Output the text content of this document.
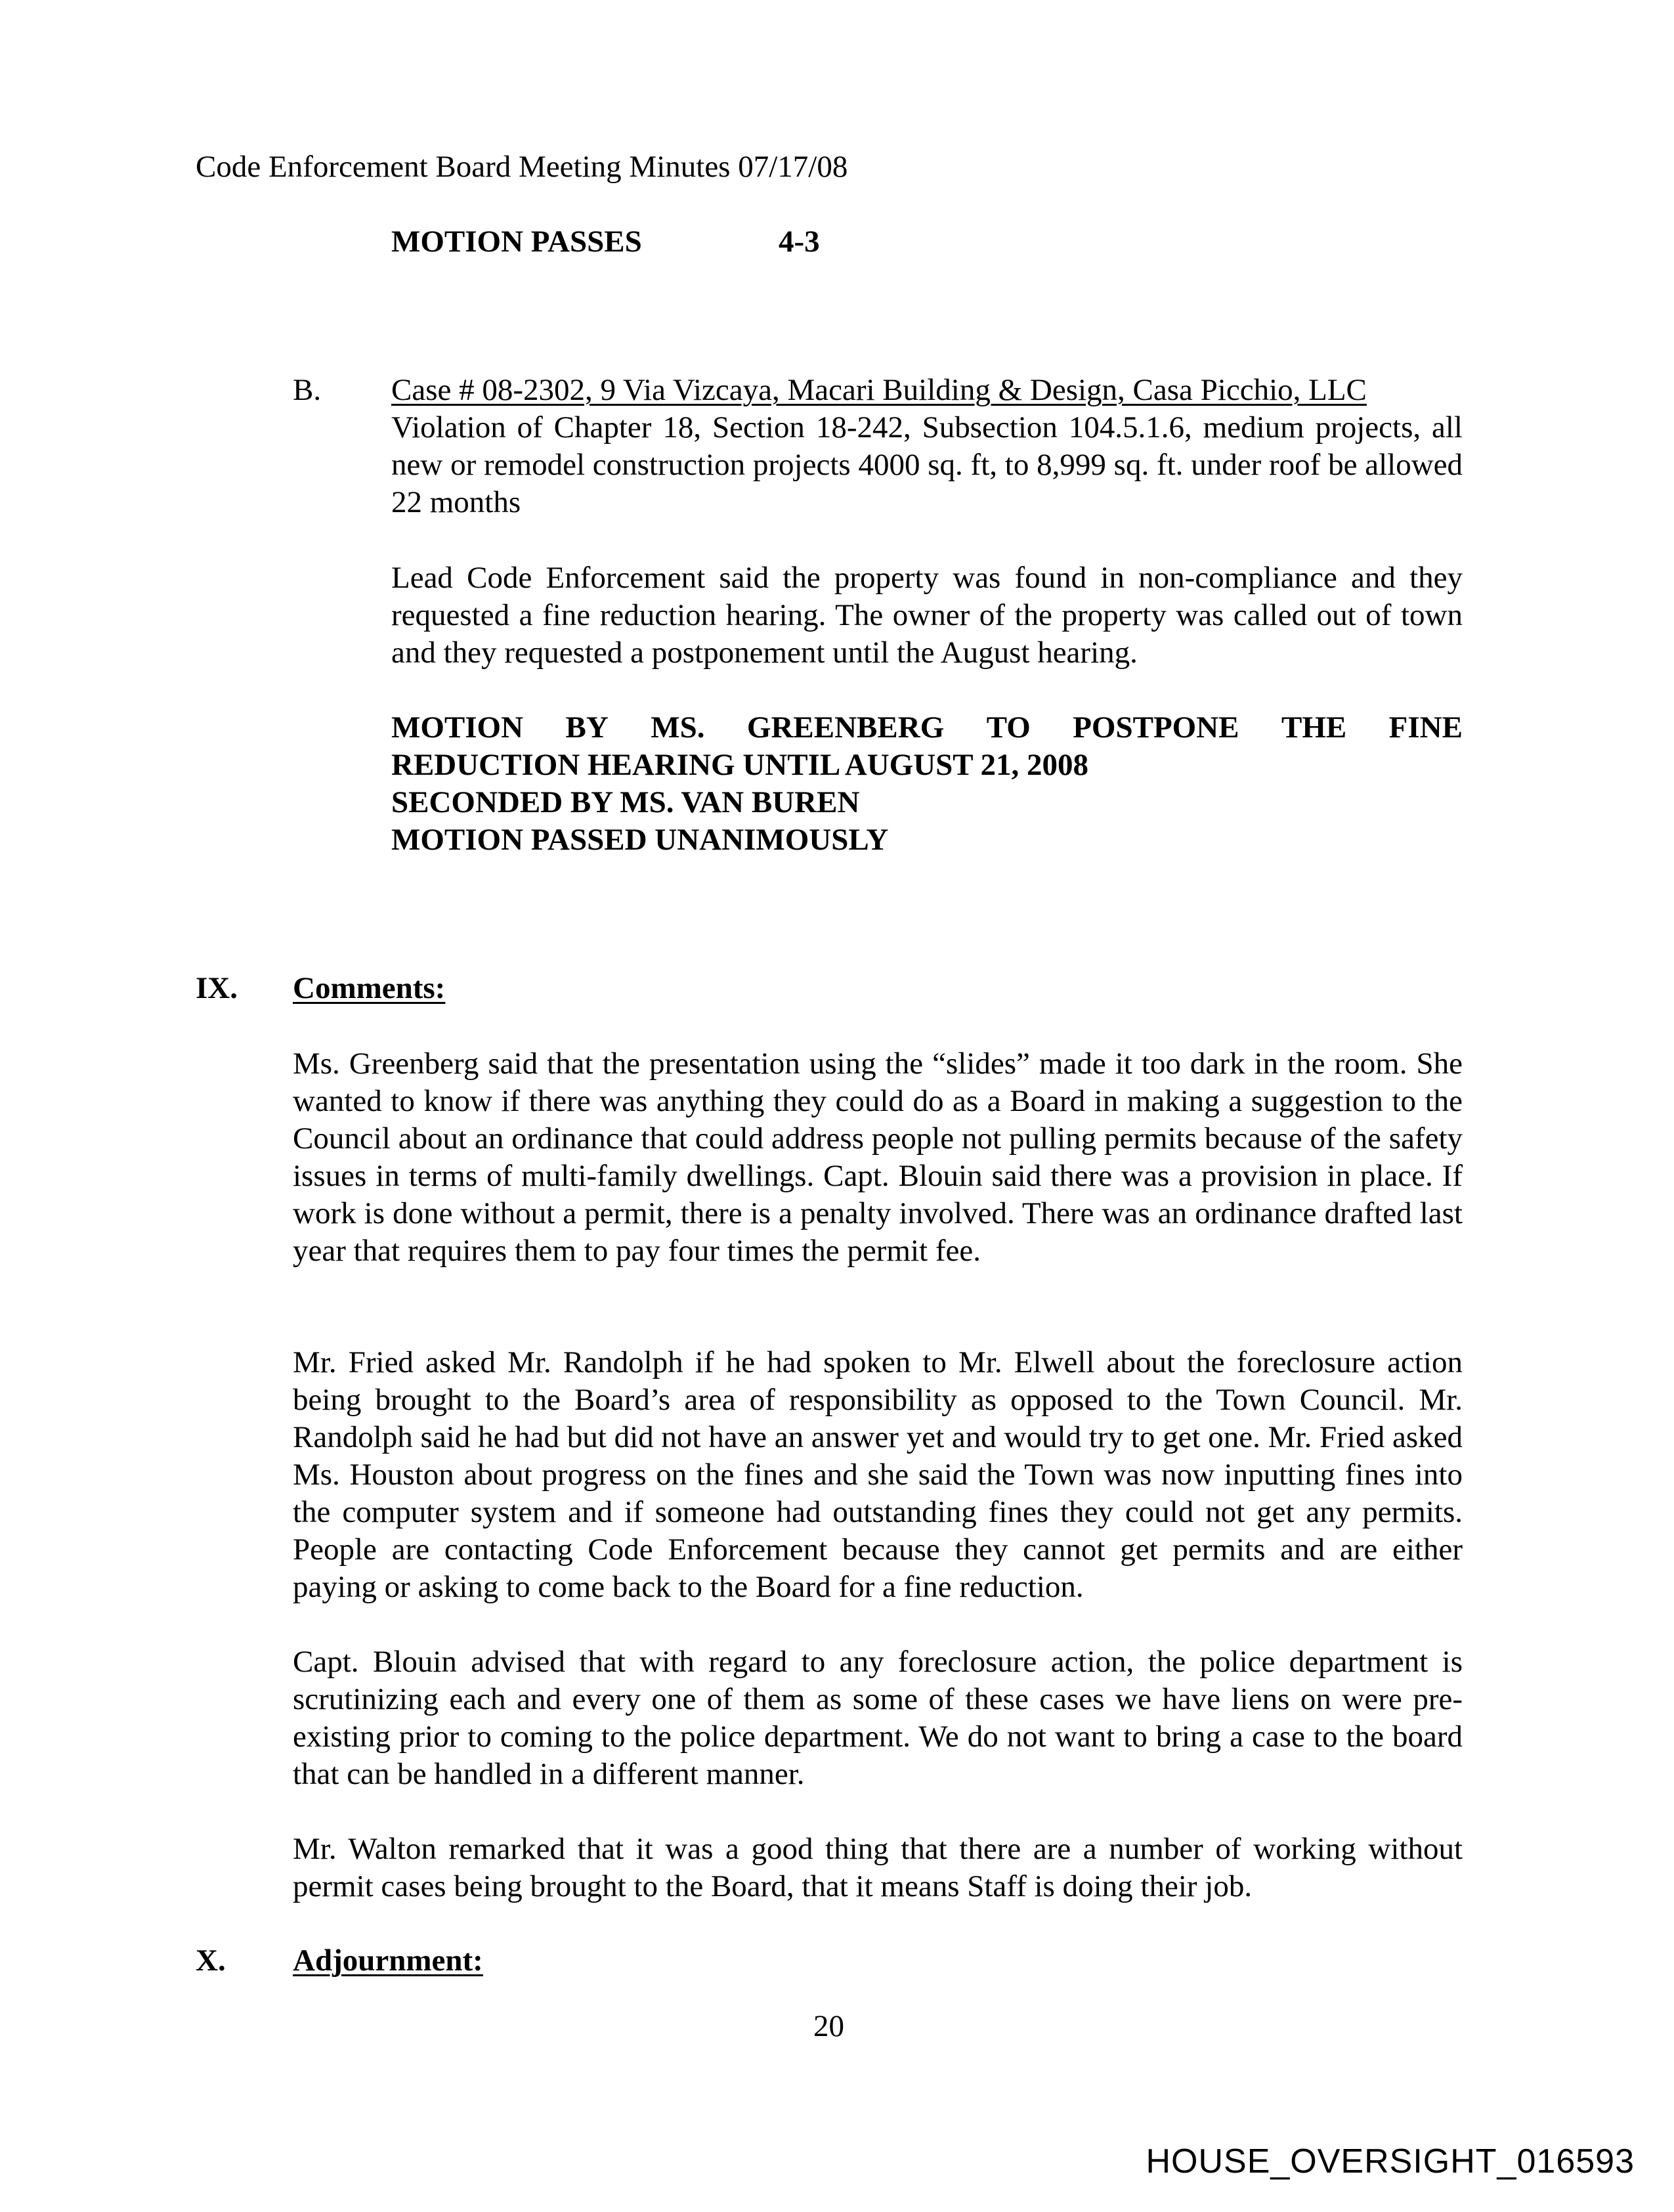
Code Enforcement Board Meeting Minutes 07/17/08
MOTION PASSES	4-3
B. Case # 08-2302, 9 Via Vizcaya, Macari Building & Design, Casa Picchio, LLC

Violation of Chapter 18, Section 18-242, Subsection 104.5.1.6, medium projects, all new or remodel construction projects 4000 sq. ft, to 8,999 sq. ft. under roof be allowed 22 months

Lead Code Enforcement said the property was found in non-compliance and they requested a fine reduction hearing. The owner of the property was called out of town and they requested a postponement until the August hearing.

MOTION BY MS. GREENBERG TO POSTPONE THE FINE
REDUCTION HEARING UNTIL AUGUST 21, 2008
SECONDED BY MS. VAN BUREN
MOTION PASSED UNANIMOUSLY
IX. Comments:

Ms. Greenberg said that the presentation using the “slides” made it too dark in the room. She wanted to know if there was anything they could do as a Board in making a suggestion to the Council about an ordinance that could address people not pulling permits because of the safety issues in terms of multi-family dwellings. Capt. Blouin said there was a provision in place. If work is done without a permit, there is a penalty involved. There was an ordinance drafted last year that requires them to pay four times the permit fee.

Mr. Fried asked Mr. Randolph if he had spoken to Mr. Elwell about the foreclosure action being brought to the Board’s area of responsibility as opposed to the Town Council. Mr. Randolph said he had but did not have an answer yet and would try to get one. Mr. Fried asked Ms. Houston about progress on the fines and she said the Town was now inputting fines into the computer system and if someone had outstanding fines they could not get any permits. People are contacting Code Enforcement because they cannot get permits and are either paying or asking to come back to the Board for a fine reduction.

Capt. Blouin advised that with regard to any foreclosure action, the police department is scrutinizing each and every one of them as some of these cases we have liens on were pre-existing prior to coming to the police department. We do not want to bring a case to the board that can be handled in a different manner.

Mr. Walton remarked that it was a good thing that there are a number of working without permit cases being brought to the Board, that it means Staff is doing their job.

X. Adjournment:
20
HOUSE_OVERSIGHT_016593
